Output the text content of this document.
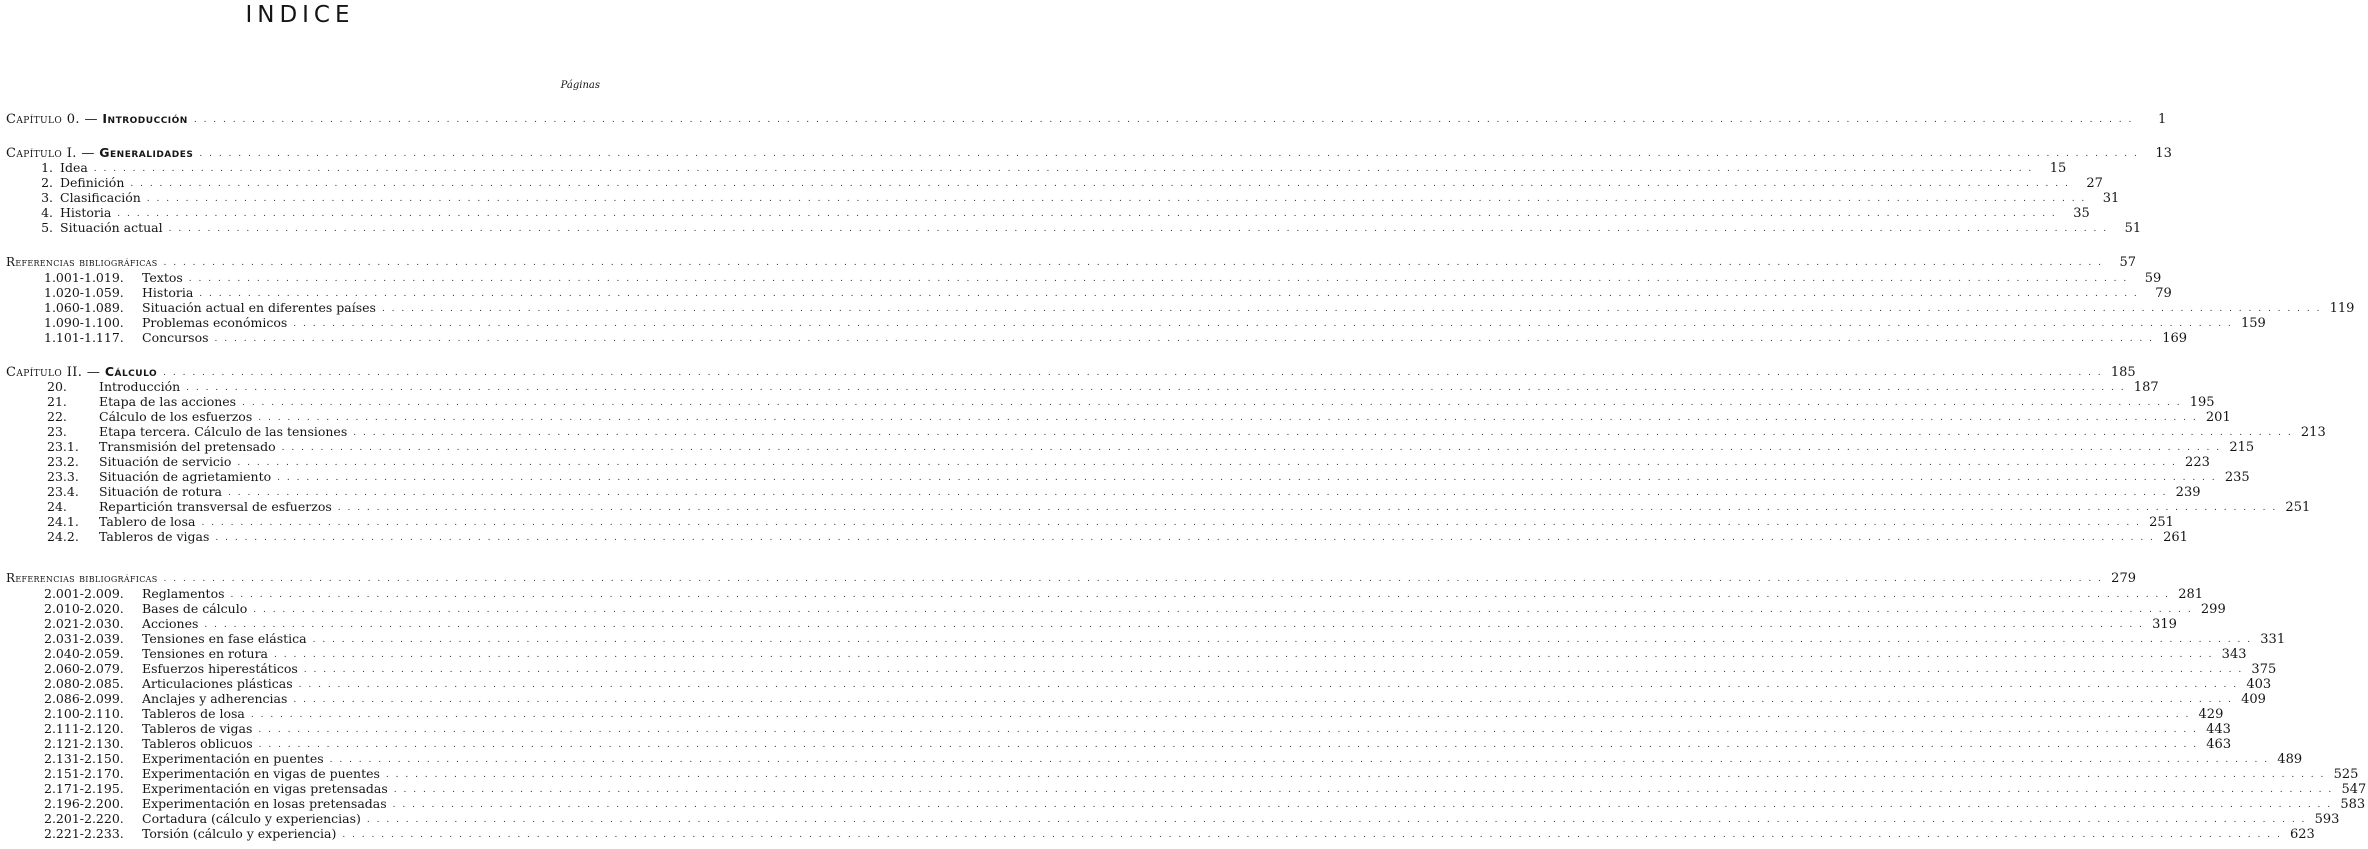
INDICE
Páginas
Capítulo 0. — Introducción . . . . . . . . . . . . . . . . . . . . . . . . . . . . . . . . . . . . . . . . . . . . . . . . . . . . . . . . . . . . . . . . . . . . . . . . . . . . . . . . . . . . . . . . . . . . . . . . . . . . . . . . . . . . . . . . . . . . . . . . . . . . . . . . . . . . . . . . . . . . . . . . . . . . . . . . . . . . . . . . . . . . . . . . . . . . . . . . . . . . . . . . . . . . . . . . . . . . . . . .	1
Capítulo I. — Generalidades . . . . . . . . . . . . . . . . . . . . . . . . . . . . . . . . . . . . . . . . . . . . . . . . . . . . . . . . . . . . . . . . . . . . . . . . . . . . . . . . . . . . . . . . . . . . . . . . . . . . . . . . . . . . . . . . . . . . . . . . . . . . . . . . . . . . . . . . . . . . . . . . . . . . . . . . . . . . . . . . . . . . . . . . . . . . . . . . . . . . . . . . . . . . . . . . . . . . . . . .	13
1. Idea . . . . . . . . . . . . . . . . . . . . . . . . . . . . . . . . . . . . . . . . . . . . . . . . . . . . . . . . . . . . . . . . . . . . . . . . . . . . . . . . . . . . . . . . . . . . . . . . . . . . . . . . . . . . . . . . . . . . . . . . . . . . . . . . . . . . . . . . . . . . . . . . . . . . . . . . . . . . . . . . . . . . . . . . . . . . . . . . . . . . . . . . . . . . . . . . . . . . . . . .	15
2. Definición . . . . . . . . . . . . . . . . . . . . . . . . . . . . . . . . . . . . . . . . . . . . . . . . . . . . . . . . . . . . . . . . . . . . . . . . . . . . . . . . . . . . . . . . . . . . . . . . . . . . . . . . . . . . . . . . . . . . . . . . . . . . . . . . . . . . . . . . . . . . . . . . . . . . . . . . . . . . . . . . . . . . . . . . . . . . . . . . . . . . . . . . . . . . . . . . . . . . . . . .	27
3. Clasificación . . . . . . . . . . . . . . . . . . . . . . . . . . . . . . . . . . . . . . . . . . . . . . . . . . . . . . . . . . . . . . . . . . . . . . . . . . . . . . . . . . . . . . . . . . . . . . . . . . . . . . . . . . . . . . . . . . . . . . . . . . . . . . . . . . . . . . . . . . . . . . . . . . . . . . . . . . . . . . . . . . . . . . . . . . . . . . . . . . . . . . . . . . . . . . . . . . . . . . . .	31
4. Historia . . . . . . . . . . . . . . . . . . . . . . . . . . . . . . . . . . . . . . . . . . . . . . . . . . . . . . . . . . . . . . . . . . . . . . . . . . . . . . . . . . . . . . . . . . . . . . . . . . . . . . . . . . . . . . . . . . . . . . . . . . . . . . . . . . . . . . . . . . . . . . . . . . . . . . . . . . . . . . . . . . . . . . . . . . . . . . . . . . . . . . . . . . . . . . . . . . . . . . . .	35
5. Situación actual . . . . . . . . . . . . . . . . . . . . . . . . . . . . . . . . . . . . . . . . . . . . . . . . . . . . . . . . . . . . . . . . . . . . . . . . . . . . . . . . . . . . . . . . . . . . . . . . . . . . . . . . . . . . . . . . . . . . . . . . . . . . . . . . . . . . . . . . . . . . . . . . . . . . . . . . . . . . . . . . . . . . . . . . . . . . . . . . . . . . . . . . . . . . . . . . . . . . . . . .	51
Referencias bibliográficas . . . . . . . . . . . . . . . . . . . . . . . . . . . . . . . . . . . . . . . . . . . . . . . . . . . . . . . . . . . . . . . . . . . . . . . . . . . . . . . . . . . . . . . . . . . . . . . . . . . . . . . . . . . . . . . . . . . . . . . . . . . . . . . . . . . . . . . . . . . . . . . . . . . . . . . . . . . . . . . . . . . . . . . . . . . . . . . . . . . . . . . . . . . . . . . . . . . . . . . .	57
1.001-1.019.	Textos . . . . . . . . . . . . . . . . . . . . . . . . . . . . . . . . . . . . . . . . . . . . . . . . . . . . . . . . . . . . . . . . . . . . . . . . . . . . . . . . . . . . . . . . . . . . . . . . . . . . . . . . . . . . . . . . . . . . . . . . . . . . . . . . . . . . . . . . . . . . . . . . . . . . . . . . . . . . . . . . . . . . . . . . . . . . . . . . . . . . . . . . . . . . . . . . . . . . . . . .	59
1.020-1.059.	Historia . . . . . . . . . . . . . . . . . . . . . . . . . . . . . . . . . . . . . . . . . . . . . . . . . . . . . . . . . . . . . . . . . . . . . . . . . . . . . . . . . . . . . . . . . . . . . . . . . . . . . . . . . . . . . . . . . . . . . . . . . . . . . . . . . . . . . . . . . . . . . . . . . . . . . . . . . . . . . . . . . . . . . . . . . . . . . . . . . . . . . . . . . . . . . . . . . . . . . . . .	79
1.060-1.089.	Situación actual en diferentes países . . . . . . . . . . . . . . . . . . . . . . . . . . . . . . . . . . . . . . . . . . . . . . . . . . . . . . . . . . . . . . . . . . . . . . . . . . . . . . . . . . . . . . . . . . . . . . . . . . . . . . . . . . . . . . . . . . . . . . . . . . . . . . . . . . . . . . . . . . . . . . . . . . . . . . . . . . . . . . . . . . . . . . . . . . . . . . . . . . . . . . . . . . . . . . . . . . . . . . . . 119
1.090-1.100.	Problemas económicos . . . . . . . . . . . . . . . . . . . . . . . . . . . . . . . . . . . . . . . . . . . . . . . . . . . . . . . . . . . . . . . . . . . . . . . . . . . . . . . . . . . . . . . . . . . . . . . . . . . . . . . . . . . . . . . . . . . . . . . . . . . . . . . . . . . . . . . . . . . . . . . . . . . . . . . . . . . . . . . . . . . . . . . . . . . . . . . . . . . . . . . . . . . . . . . . . . . . . . . . 159
1.101-1.117.	Concursos . . . . . . . . . . . . . . . . . . . . . . . . . . . . . . . . . . . . . . . . . . . . . . . . . . . . . . . . . . . . . . . . . . . . . . . . . . . . . . . . . . . . . . . . . . . . . . . . . . . . . . . . . . . . . . . . . . . . . . . . . . . . . . . . . . . . . . . . . . . . . . . . . . . . . . . . . . . . . . . . . . . . . . . . . . . . . . . . . . . . . . . . . . . . . . . . . . . . . . . . 169
Capítulo II. — Cálculo . . . . . . . . . . . . . . . . . . . . . . . . . . . . . . . . . . . . . . . . . . . . . . . . . . . . . . . . . . . . . . . . . . . . . . . . . . . . . . . . . . . . . . . . . . . . . . . . . . . . . . . . . . . . . . . . . . . . . . . . . . . . . . . . . . . . . . . . . . . . . . . . . . . . . . . . . . . . . . . . . . . . . . . . . . . . . . . . . . . . . . . . . . . . . . . . . . . . . . . . 185
20.	Introducción . . . . . . . . . . . . . . . . . . . . . . . . . . . . . . . . . . . . . . . . . . . . . . . . . . . . . . . . . . . . . . . . . . . . . . . . . . . . . . . . . . . . . . . . . . . . . . . . . . . . . . . . . . . . . . . . . . . . . . . . . . . . . . . . . . . . . . . . . . . . . . . . . . . . . . . . . . . . . . . . . . . . . . . . . . . . . . . . . . . . . . . . . . . . . . . . . . . . . . . . 187
21.	Etapa de las acciones . . . . . . . . . . . . . . . . . . . . . . . . . . . . . . . . . . . . . . . . . . . . . . . . . . . . . . . . . . . . . . . . . . . . . . . . . . . . . . . . . . . . . . . . . . . . . . . . . . . . . . . . . . . . . . . . . . . . . . . . . . . . . . . . . . . . . . . . . . . . . . . . . . . . . . . . . . . . . . . . . . . . . . . . . . . . . . . . . . . . . . . . . . . . . . . . . . . . . . . . 195
22.	Cálculo de los esfuerzos . . . . . . . . . . . . . . . . . . . . . . . . . . . . . . . . . . . . . . . . . . . . . . . . . . . . . . . . . . . . . . . . . . . . . . . . . . . . . . . . . . . . . . . . . . . . . . . . . . . . . . . . . . . . . . . . . . . . . . . . . . . . . . . . . . . . . . . . . . . . . . . . . . . . . . . . . . . . . . . . . . . . . . . . . . . . . . . . . . . . . . . . . . . . . . . . . . . . . . . . 201
23.	Etapa tercera. Cálculo de las tensiones . . . . . . . . . . . . . . . . . . . . . . . . . . . . . . . . . . . . . . . . . . . . . . . . . . . . . . . . . . . . . . . . . . . . . . . . . . . . . . . . . . . . . . . . . . . . . . . . . . . . . . . . . . . . . . . . . . . . . . . . . . . . . . . . . . . . . . . . . . . . . . . . . . . . . . . . . . . . . . . . . . . . . . . . . . . . . . . . . . . . . . . . . . . . . . . . . . . . . . . . 213
23.1.	Transmisión del pretensado . . . . . . . . . . . . . . . . . . . . . . . . . . . . . . . . . . . . . . . . . . . . . . . . . . . . . . . . . . . . . . . . . . . . . . . . . . . . . . . . . . . . . . . . . . . . . . . . . . . . . . . . . . . . . . . . . . . . . . . . . . . . . . . . . . . . . . . . . . . . . . . . . . . . . . . . . . . . . . . . . . . . . . . . . . . . . . . . . . . . . . . . . . . . . . . . . . . . . . . . 215
23.2.	Situación de servicio . . . . . . . . . . . . . . . . . . . . . . . . . . . . . . . . . . . . . . . . . . . . . . . . . . . . . . . . . . . . . . . . . . . . . . . . . . . . . . . . . . . . . . . . . . . . . . . . . . . . . . . . . . . . . . . . . . . . . . . . . . . . . . . . . . . . . . . . . . . . . . . . . . . . . . . . . . . . . . . . . . . . . . . . . . . . . . . . . . . . . . . . . . . . . . . . . . . . . . . . 223
23.3.	Situación de agrietamiento . . . . . . . . . . . . . . . . . . . . . . . . . . . . . . . . . . . . . . . . . . . . . . . . . . . . . . . . . . . . . . . . . . . . . . . . . . . . . . . . . . . . . . . . . . . . . . . . . . . . . . . . . . . . . . . . . . . . . . . . . . . . . . . . . . . . . . . . . . . . . . . . . . . . . . . . . . . . . . . . . . . . . . . . . . . . . . . . . . . . . . . . . . . . . . . . . . . . . . . . 235
23.4.	Situación de rotura . . . . . . . . . . . . . . . . . . . . . . . . . . . . . . . . . . . . . . . . . . . . . . . . . . . . . . . . . . . . . . . . . . . . . . . . . . . . . . . . . . . . . . . . . . . . . . . . . . . . . . . . . . . . . . . . . . . . . . . . . . . . . . . . . . . . . . . . . . . . . . . . . . . . . . . . . . . . . . . . . . . . . . . . . . . . . . . . . . . . . . . . . . . . . . . . . . . . . . . . 239
24.	Repartición transversal de esfuerzos . . . . . . . . . . . . . . . . . . . . . . . . . . . . . . . . . . . . . . . . . . . . . . . . . . . . . . . . . . . . . . . . . . . . . . . . . . . . . . . . . . . . . . . . . . . . . . . . . . . . . . . . . . . . . . . . . . . . . . . . . . . . . . . . . . . . . . . . . . . . . . . . . . . . . . . . . . . . . . . . . . . . . . . . . . . . . . . . . . . . . . . . . . . . . . . . . . . . . . . . 251
24.1.	Tablero de losa . . . . . . . . . . . . . . . . . . . . . . . . . . . . . . . . . . . . . . . . . . . . . . . . . . . . . . . . . . . . . . . . . . . . . . . . . . . . . . . . . . . . . . . . . . . . . . . . . . . . . . . . . . . . . . . . . . . . . . . . . . . . . . . . . . . . . . . . . . . . . . . . . . . . . . . . . . . . . . . . . . . . . . . . . . . . . . . . . . . . . . . . . . . . . . . . . . . . . . . . 251
24.2.	Tableros de vigas . . . . . . . . . . . . . . . . . . . . . . . . . . . . . . . . . . . . . . . . . . . . . . . . . . . . . . . . . . . . . . . . . . . . . . . . . . . . . . . . . . . . . . . . . . . . . . . . . . . . . . . . . . . . . . . . . . . . . . . . . . . . . . . . . . . . . . . . . . . . . . . . . . . . . . . . . . . . . . . . . . . . . . . . . . . . . . . . . . . . . . . . . . . . . . . . . . . . . . . . 261
Referencias bibliográficas . . . . . . . . . . . . . . . . . . . . . . . . . . . . . . . . . . . . . . . . . . . . . . . . . . . . . . . . . . . . . . . . . . . . . . . . . . . . . . . . . . . . . . . . . . . . . . . . . . . . . . . . . . . . . . . . . . . . . . . . . . . . . . . . . . . . . . . . . . . . . . . . . . . . . . . . . . . . . . . . . . . . . . . . . . . . . . . . . . . . . . . . . . . . . . . . . . . . . . . . 279
2.001-2.009.	Reglamentos . . . . . . . . . . . . . . . . . . . . . . . . . . . . . . . . . . . . . . . . . . . . . . . . . . . . . . . . . . . . . . . . . . . . . . . . . . . . . . . . . . . . . . . . . . . . . . . . . . . . . . . . . . . . . . . . . . . . . . . . . . . . . . . . . . . . . . . . . . . . . . . . . . . . . . . . . . . . . . . . . . . . . . . . . . . . . . . . . . . . . . . . . . . . . . . . . . . . . . . . 281
2.010-2.020.	Bases de cálculo . . . . . . . . . . . . . . . . . . . . . . . . . . . . . . . . . . . . . . . . . . . . . . . . . . . . . . . . . . . . . . . . . . . . . . . . . . . . . . . . . . . . . . . . . . . . . . . . . . . . . . . . . . . . . . . . . . . . . . . . . . . . . . . . . . . . . . . . . . . . . . . . . . . . . . . . . . . . . . . . . . . . . . . . . . . . . . . . . . . . . . . . . . . . . . . . . . . . . . . . 299
2.021-2.030.	Acciones . . . . . . . . . . . . . . . . . . . . . . . . . . . . . . . . . . . . . . . . . . . . . . . . . . . . . . . . . . . . . . . . . . . . . . . . . . . . . . . . . . . . . . . . . . . . . . . . . . . . . . . . . . . . . . . . . . . . . . . . . . . . . . . . . . . . . . . . . . . . . . . . . . . . . . . . . . . . . . . . . . . . . . . . . . . . . . . . . . . . . . . . . . . . . . . . . . . . . . . . 319
2.031-2.039.	Tensiones en fase elástica . . . . . . . . . . . . . . . . . . . . . . . . . . . . . . . . . . . . . . . . . . . . . . . . . . . . . . . . . . . . . . . . . . . . . . . . . . . . . . . . . . . . . . . . . . . . . . . . . . . . . . . . . . . . . . . . . . . . . . . . . . . . . . . . . . . . . . . . . . . . . . . . . . . . . . . . . . . . . . . . . . . . . . . . . . . . . . . . . . . . . . . . . . . . . . . . . . . . . . . . 331
2.040-2.059.	Tensiones en rotura . . . . . . . . . . . . . . . . . . . . . . . . . . . . . . . . . . . . . . . . . . . . . . . . . . . . . . . . . . . . . . . . . . . . . . . . . . . . . . . . . . . . . . . . . . . . . . . . . . . . . . . . . . . . . . . . . . . . . . . . . . . . . . . . . . . . . . . . . . . . . . . . . . . . . . . . . . . . . . . . . . . . . . . . . . . . . . . . . . . . . . . . . . . . . . . . . . . . . . . . 343
2.060-2.079.	Esfuerzos hiperestáticos . . . . . . . . . . . . . . . . . . . . . . . . . . . . . . . . . . . . . . . . . . . . . . . . . . . . . . . . . . . . . . . . . . . . . . . . . . . . . . . . . . . . . . . . . . . . . . . . . . . . . . . . . . . . . . . . . . . . . . . . . . . . . . . . . . . . . . . . . . . . . . . . . . . . . . . . . . . . . . . . . . . . . . . . . . . . . . . . . . . . . . . . . . . . . . . . . . . . . . . . 375
2.080-2.085.	Articulaciones plásticas . . . . . . . . . . . . . . . . . . . . . . . . . . . . . . . . . . . . . . . . . . . . . . . . . . . . . . . . . . . . . . . . . . . . . . . . . . . . . . . . . . . . . . . . . . . . . . . . . . . . . . . . . . . . . . . . . . . . . . . . . . . . . . . . . . . . . . . . . . . . . . . . . . . . . . . . . . . . . . . . . . . . . . . . . . . . . . . . . . . . . . . . . . . . . . . . . . . . . . . . 403
2.086-2.099.	Anclajes y adherencias . . . . . . . . . . . . . . . . . . . . . . . . . . . . . . . . . . . . . . . . . . . . . . . . . . . . . . . . . . . . . . . . . . . . . . . . . . . . . . . . . . . . . . . . . . . . . . . . . . . . . . . . . . . . . . . . . . . . . . . . . . . . . . . . . . . . . . . . . . . . . . . . . . . . . . . . . . . . . . . . . . . . . . . . . . . . . . . . . . . . . . . . . . . . . . . . . . . . . . . . 409
2.100-2.110.	Tableros de losa . . . . . . . . . . . . . . . . . . . . . . . . . . . . . . . . . . . . . . . . . . . . . . . . . . . . . . . . . . . . . . . . . . . . . . . . . . . . . . . . . . . . . . . . . . . . . . . . . . . . . . . . . . . . . . . . . . . . . . . . . . . . . . . . . . . . . . . . . . . . . . . . . . . . . . . . . . . . . . . . . . . . . . . . . . . . . . . . . . . . . . . . . . . . . . . . . . . . . . . . 429
2.111-2.120.	Tableros de vigas . . . . . . . . . . . . . . . . . . . . . . . . . . . . . . . . . . . . . . . . . . . . . . . . . . . . . . . . . . . . . . . . . . . . . . . . . . . . . . . . . . . . . . . . . . . . . . . . . . . . . . . . . . . . . . . . . . . . . . . . . . . . . . . . . . . . . . . . . . . . . . . . . . . . . . . . . . . . . . . . . . . . . . . . . . . . . . . . . . . . . . . . . . . . . . . . . . . . . . . . 443
2.121-2.130.	Tableros oblicuos . . . . . . . . . . . . . . . . . . . . . . . . . . . . . . . . . . . . . . . . . . . . . . . . . . . . . . . . . . . . . . . . . . . . . . . . . . . . . . . . . . . . . . . . . . . . . . . . . . . . . . . . . . . . . . . . . . . . . . . . . . . . . . . . . . . . . . . . . . . . . . . . . . . . . . . . . . . . . . . . . . . . . . . . . . . . . . . . . . . . . . . . . . . . . . . . . . . . . . . . 463
2.131-2.150.	Experimentación en puentes . . . . . . . . . . . . . . . . . . . . . . . . . . . . . . . . . . . . . . . . . . . . . . . . . . . . . . . . . . . . . . . . . . . . . . . . . . . . . . . . . . . . . . . . . . . . . . . . . . . . . . . . . . . . . . . . . . . . . . . . . . . . . . . . . . . . . . . . . . . . . . . . . . . . . . . . . . . . . . . . . . . . . . . . . . . . . . . . . . . . . . . . . . . . . . . . . . . . . . . . 489
2.151-2.170.	Experimentación en vigas de puentes . . . . . . . . . . . . . . . . . . . . . . . . . . . . . . . . . . . . . . . . . . . . . . . . . . . . . . . . . . . . . . . . . . . . . . . . . . . . . . . . . . . . . . . . . . . . . . . . . . . . . . . . . . . . . . . . . . . . . . . . . . . . . . . . . . . . . . . . . . . . . . . . . . . . . . . . . . . . . . . . . . . . . . . . . . . . . . . . . . . . . . . . . . . . . . . . . . . . . . . . 525
2.171-2.195.	Experimentación en vigas pretensadas . . . . . . . . . . . . . . . . . . . . . . . . . . . . . . . . . . . . . . . . . . . . . . . . . . . . . . . . . . . . . . . . . . . . . . . . . . . . . . . . . . . . . . . . . . . . . . . . . . . . . . . . . . . . . . . . . . . . . . . . . . . . . . . . . . . . . . . . . . . . . . . . . . . . . . . . . . . . . . . . . . . . . . . . . . . . . . . . . . . . . . . . . . . . . . . . . . . . . . . . 547
2.196-2.200.	Experimentación en losas pretensadas . . . . . . . . . . . . . . . . . . . . . . . . . . . . . . . . . . . . . . . . . . . . . . . . . . . . . . . . . . . . . . . . . . . . . . . . . . . . . . . . . . . . . . . . . . . . . . . . . . . . . . . . . . . . . . . . . . . . . . . . . . . . . . . . . . . . . . . . . . . . . . . . . . . . . . . . . . . . . . . . . . . . . . . . . . . . . . . . . . . . . . . . . . . . . . . . . . . . . . . . 583
2.201-2.220.	Cortadura (cálculo y experiencias) . . . . . . . . . . . . . . . . . . . . . . . . . . . . . . . . . . . . . . . . . . . . . . . . . . . . . . . . . . . . . . . . . . . . . . . . . . . . . . . . . . . . . . . . . . . . . . . . . . . . . . . . . . . . . . . . . . . . . . . . . . . . . . . . . . . . . . . . . . . . . . . . . . . . . . . . . . . . . . . . . . . . . . . . . . . . . . . . . . . . . . . . . . . . . . . . . . . . . . . . 593
2.221-2.233.	Torsión (cálculo y experiencia) . . . . . . . . . . . . . . . . . . . . . . . . . . . . . . . . . . . . . . . . . . . . . . . . . . . . . . . . . . . . . . . . . . . . . . . . . . . . . . . . . . . . . . . . . . . . . . . . . . . . . . . . . . . . . . . . . . . . . . . . . . . . . . . . . . . . . . . . . . . . . . . . . . . . . . . . . . . . . . . . . . . . . . . . . . . . . . . . . . . . . . . . . . . . . . . . . . . . . . . . 623
